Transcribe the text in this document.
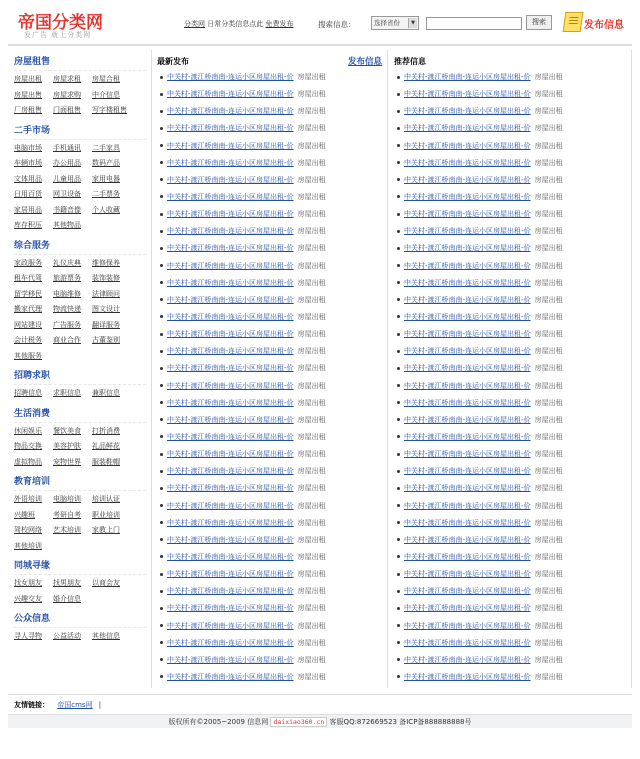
帝国分类网
发广告 就上分类网
分类网 日常分类信息点此 免费发布	搜索信息：	选择省份	▼	搜索	发布信息
房屋租售
房屋出租	房屋求租	房屋合租
房屋出售	房屋求购	中介信息
厂房租售	门面租售	写字楼租售
二手市场
电脑市场	手机通讯	二手家具
车辆市场	办公用品	数码产品
文体用品	儿童用品	家用电器
日用百货	网卫设备	二手票务
家居用品	书籍音像	个人收藏
库存积压	其他物品
综合服务
家政服务	礼仪庆典	维修保养
租车代驾	旅游票务	装饰装修
留学移民	电脑维修	法律顾问
搬家代理	物流快递	图文设计
网站建设	广告服务	翻译服务
会计税务	商业合作	古董鉴别
其他服务
招聘求职
招聘信息	求职信息	兼职信息
生活消费
休闲娱乐	餐饮美食	打折消费
物品交换	美容护肤	礼品鲜花
虚拟物品	宠物世界	服装鞋帽
教育培训
外语培训	电脑培训	培训认证
兴趣班	考研自考	职业培训
驾校网络	艺术培训	家教上门
其他培训
同城寻缘
找女朋友	找男朋友	以商会友
兴趣交友	婚介信息
公众信息
寻人寻物	公益活动	其他信息
最新发布	发布信息
中关村-渡江桥南南-连运小区房屋出租-价 房屋出租
中关村-渡江桥南南-连运小区房屋出租-价 房屋出租
中关村-渡江桥南南-连运小区房屋出租-价 房屋出租
中关村-渡江桥南南-连运小区房屋出租-价 房屋出租
中关村-渡江桥南南-连运小区房屋出租-价 房屋出租
中关村-渡江桥南南-连运小区房屋出租-价 房屋出租
中关村-渡江桥南南-连运小区房屋出租-价 房屋出租
中关村-渡江桥南南-连运小区房屋出租-价 房屋出租
中关村-渡江桥南南-连运小区房屋出租-价 房屋出租
中关村-渡江桥南南-连运小区房屋出租-价 房屋出租
中关村-渡江桥南南-连运小区房屋出租-价 房屋出租
中关村-渡江桥南南-连运小区房屋出租-价 房屋出租
中关村-渡江桥南南-连运小区房屋出租-价 房屋出租
中关村-渡江桥南南-连运小区房屋出租-价 房屋出租
中关村-渡江桥南南-连运小区房屋出租-价 房屋出租
中关村-渡江桥南南-连运小区房屋出租-价 房屋出租
中关村-渡江桥南南-连运小区房屋出租-价 房屋出租
中关村-渡江桥南南-连运小区房屋出租-价 房屋出租
中关村-渡江桥南南-连运小区房屋出租-价 房屋出租
中关村-渡江桥南南-连运小区房屋出租-价 房屋出租
中关村-渡江桥南南-连运小区房屋出租-价 房屋出租
中关村-渡江桥南南-连运小区房屋出租-价 房屋出租
中关村-渡江桥南南-连运小区房屋出租-价 房屋出租
中关村-渡江桥南南-连运小区房屋出租-价 房屋出租
中关村-渡江桥南南-连运小区房屋出租-价 房屋出租
中关村-渡江桥南南-连运小区房屋出租-价 房屋出租
中关村-渡江桥南南-连运小区房屋出租-价 房屋出租
中关村-渡江桥南南-连运小区房屋出租-价 房屋出租
中关村-渡江桥南南-连运小区房屋出租-价 房屋出租
中关村-渡江桥南南-连运小区房屋出租-价 房屋出租
中关村-渡江桥南南-连运小区房屋出租-价 房屋出租
中关村-渡江桥南南-连运小区房屋出租-价 房屋出租
中关村-渡江桥南南-连运小区房屋出租-价 房屋出租
中关村-渡江桥南南-连运小区房屋出租-价 房屋出租
中关村-渡江桥南南-连运小区房屋出租-价 房屋出租
中关村-渡江桥南南-连运小区房屋出租-价 房屋出租
推荐信息
中关村-渡江桥南南-连运小区房屋出租-价 房屋出租
中关村-渡江桥南南-连运小区房屋出租-价 房屋出租
中关村-渡江桥南南-连运小区房屋出租-价 房屋出租
中关村-渡江桥南南-连运小区房屋出租-价 房屋出租
中关村-渡江桥南南-连运小区房屋出租-价 房屋出租
中关村-渡江桥南南-连运小区房屋出租-价 房屋出租
中关村-渡江桥南南-连运小区房屋出租-价 房屋出租
中关村-渡江桥南南-连运小区房屋出租-价 房屋出租
中关村-渡江桥南南-连运小区房屋出租-价 房屋出租
中关村-渡江桥南南-连运小区房屋出租-价 房屋出租
中关村-渡江桥南南-连运小区房屋出租-价 房屋出租
中关村-渡江桥南南-连运小区房屋出租-价 房屋出租
中关村-渡江桥南南-连运小区房屋出租-价 房屋出租
中关村-渡江桥南南-连运小区房屋出租-价 房屋出租
中关村-渡江桥南南-连运小区房屋出租-价 房屋出租
中关村-渡江桥南南-连运小区房屋出租-价 房屋出租
中关村-渡江桥南南-连运小区房屋出租-价 房屋出租
中关村-渡江桥南南-连运小区房屋出租-价 房屋出租
中关村-渡江桥南南-连运小区房屋出租-价 房屋出租
中关村-渡江桥南南-连运小区房屋出租-价 房屋出租
中关村-渡江桥南南-连运小区房屋出租-价 房屋出租
中关村-渡江桥南南-连运小区房屋出租-价 房屋出租
中关村-渡江桥南南-连运小区房屋出租-价 房屋出租
中关村-渡江桥南南-连运小区房屋出租-价 房屋出租
中关村-渡江桥南南-连运小区房屋出租-价 房屋出租
中关村-渡江桥南南-连运小区房屋出租-价 房屋出租
中关村-渡江桥南南-连运小区房屋出租-价 房屋出租
中关村-渡江桥南南-连运小区房屋出租-价 房屋出租
中关村-渡江桥南南-连运小区房屋出租-价 房屋出租
中关村-渡江桥南南-连运小区房屋出租-价 房屋出租
中关村-渡江桥南南-连运小区房屋出租-价 房屋出租
中关村-渡江桥南南-连运小区房屋出租-价 房屋出租
中关村-渡江桥南南-连运小区房屋出租-价 房屋出租
中关村-渡江桥南南-连运小区房屋出租-价 房屋出租
中关村-渡江桥南南-连运小区房屋出租-价 房屋出租
中关村-渡江桥南南-连运小区房屋出租-价 房屋出租
友情链接： 帝国cms网 |
版权所有©2005~2009 信息网 daixiao360.cn 客服QQ:872669523 备ICP备888888888号
